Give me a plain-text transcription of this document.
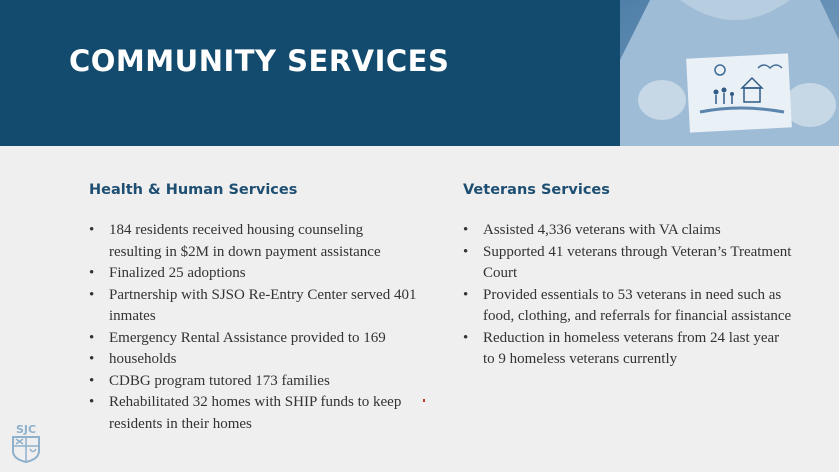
COMMUNITY SERVICES
Health & Human Services
• 184 residents received housing counseling resulting in $2M in down payment assistance
• Finalized 25 adoptions
• Partnership with SJSO Re-Entry Center served 401 inmates
• Emergency Rental Assistance provided to 169
• households
• CDBG program tutored 173 families
• Rehabilitated 32 homes with SHIP funds to keep residents in their homes
Veterans Services
• Assisted 4,336 veterans with VA claims
• Supported 41 veterans through Veteran’s Treatment Court
• Provided essentials to 53 veterans in need such as food, clothing, and referrals for financial assistance
• Reduction in homeless veterans from 24 last year to 9 homeless veterans currently
SJC
